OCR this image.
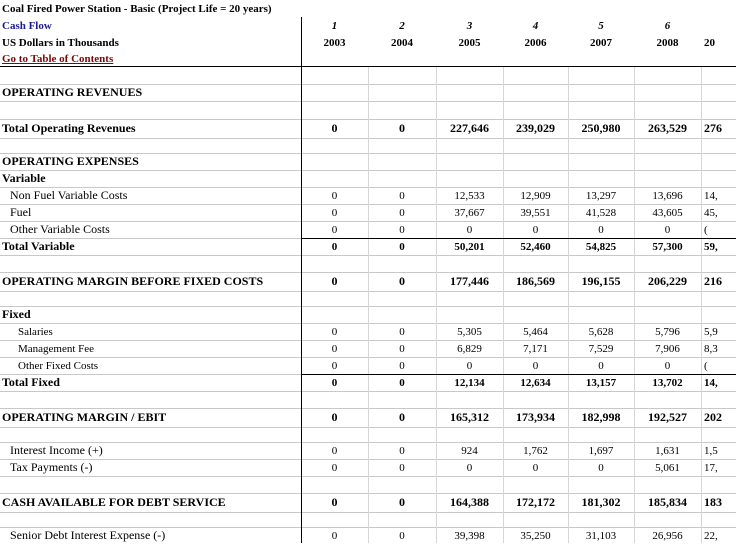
Coal Fired Power Station - Basic (Project Life = 20 years)
Cash Flow	1	2	3	4	5	6
US Dollars in Thousands	2003	2004	2005	2006	2007	2008	20
Go to Table of Contents
OPERATING REVENUES
Total Operating Revenues	0	0	227,646	239,029	250,980	263,529	276
OPERATING EXPENSES
Variable
Non Fuel Variable Costs	0	0	12,533	12,909	13,297	13,696	14,
Fuel	0	0	37,667	39,551	41,528	43,605	45,
Other Variable Costs	0	0	0	0	0	0	(
Total Variable	0	0	50,201	52,460	54,825	57,300	59,
OPERATING MARGIN BEFORE FIXED COSTS	0	0	177,446	186,569	196,155	206,229	216
Fixed
Salaries	0	0	5,305	5,464	5,628	5,796	5,9
Management Fee	0	0	6,829	7,171	7,529	7,906	8,3
Other Fixed Costs	0	0	0	0	0	0	(
Total Fixed	0	0	12,134	12,634	13,157	13,702	14,
OPERATING MARGIN / EBIT	0	0	165,312	173,934	182,998	192,527	202
Interest Income (+)	0	0	924	1,762	1,697	1,631	1,5
Tax Payments (-)	0	0	0	0	0	5,061	17,
CASH AVAILABLE FOR DEBT SERVICE	0	0	164,388	172,172	181,302	185,834	183
Senior Debt Interest Expense (-)	0	0	39,398	35,250	31,103	26,956	22,
